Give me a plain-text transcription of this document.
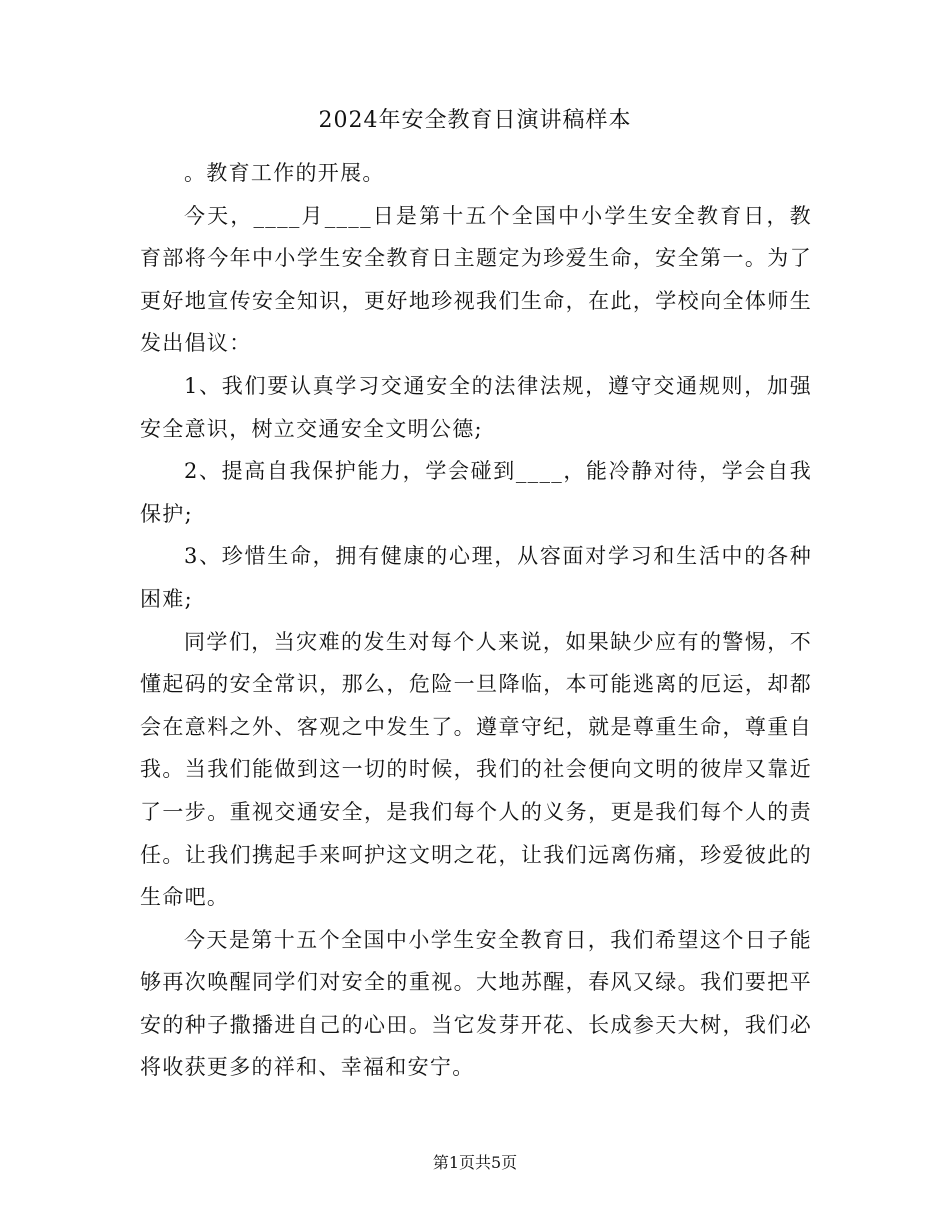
2024年安全教育日演讲稿样本

。教育工作的开展。

今天，____月____日是第十五个全国中小学生安全教育日，教育部将今年中小学生安全教育日主题定为珍爱生命，安全第一。为了更好地宣传安全知识，更好地珍视我们生命，在此，学校向全体师生发出倡议：

1、我们要认真学习交通安全的法律法规，遵守交通规则，加强安全意识，树立交通安全文明公德;

2、提高自我保护能力，学会碰到____，能冷静对待，学会自我保护;

3、珍惜生命，拥有健康的心理，从容面对学习和生活中的各种困难;

同学们，当灾难的发生对每个人来说，如果缺少应有的警惕，不懂起码的安全常识，那么，危险一旦降临，本可能逃离的厄运，却都会在意料之外、客观之中发生了。遵章守纪，就是尊重生命，尊重自我。当我们能做到这一切的时候，我们的社会便向文明的彼岸又靠近了一步。重视交通安全，是我们每个人的义务，更是我们每个人的责任。让我们携起手来呵护这文明之花，让我们远离伤痛，珍爱彼此的生命吧。

今天是第十五个全国中小学生安全教育日，我们希望这个日子能够再次唤醒同学们对安全的重视。大地苏醒，春风又绿。我们要把平安的种子撒播进自己的心田。当它发芽开花、长成参天大树，我们必将收获更多的祥和、幸福和安宁。

第1页共5页
